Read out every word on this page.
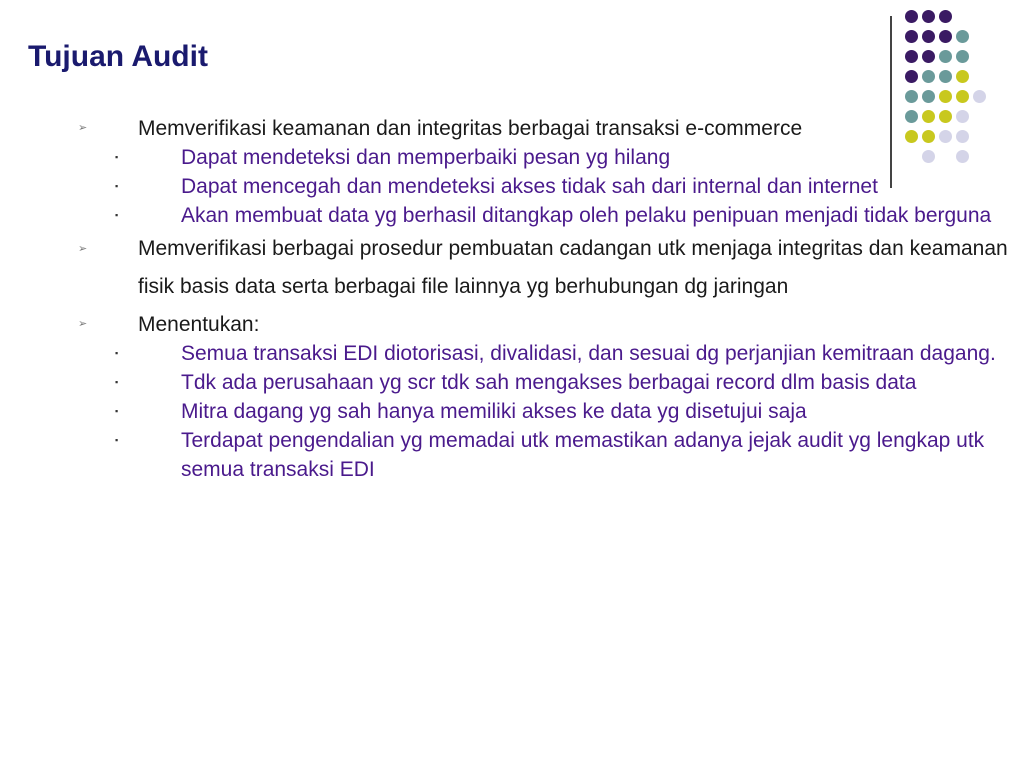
Tujuan Audit
➢ Memverifikasi keamanan dan integritas berbagai transaksi e-commerce
▪	Dapat mendeteksi dan memperbaiki pesan yg hilang
▪	Dapat mencegah dan mendeteksi akses tidak sah dari internal dan internet
▪	Akan membuat data yg berhasil ditangkap oleh pelaku penipuan menjadi tidak berguna
➢ Memverifikasi berbagai prosedur pembuatan cadangan utk menjaga integritas dan keamanan fisik basis data serta berbagai file lainnya yg berhubungan dg jaringan
➢ Menentukan:
▪	Semua transaksi EDI diotorisasi, divalidasi, dan sesuai dg perjanjian kemitraan dagang.
▪	Tdk ada perusahaan yg scr tdk sah mengakses berbagai record dlm basis data
▪	Mitra dagang yg sah hanya memiliki akses ke data yg disetujui saja
▪	Terdapat pengendalian yg memadai utk memastikan adanya jejak audit yg lengkap utk semua transaksi EDI
